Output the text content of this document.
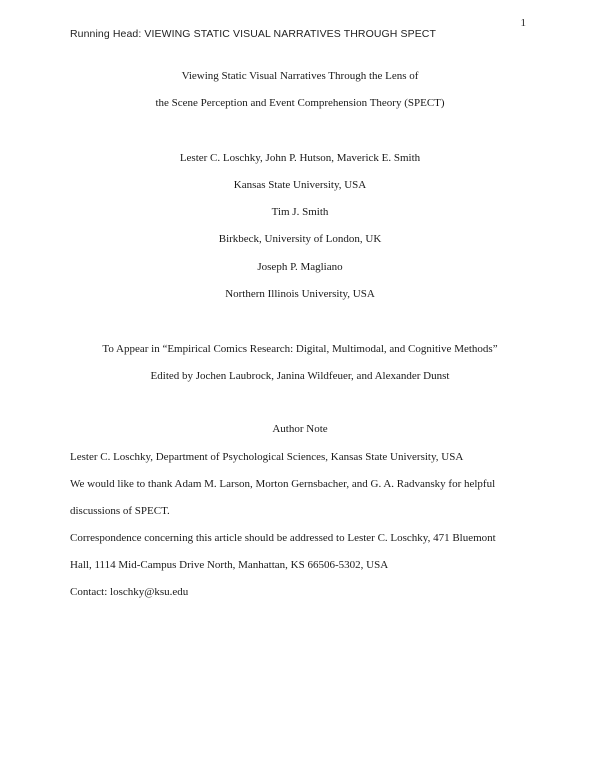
Running Head: VIEWING STATIC VISUAL NARRATIVES THROUGH SPECT
1
Viewing Static Visual Narratives Through the Lens of
the Scene Perception and Event Comprehension Theory (SPECT)
Lester C. Loschky, John P. Hutson, Maverick E. Smith
Kansas State University, USA
Tim J. Smith
Birkbeck, University of London, UK
Joseph P. Magliano
Northern Illinois University, USA
To Appear in “Empirical Comics Research: Digital, Multimodal, and Cognitive Methods”
Edited by Jochen Laubrock, Janina Wildfeuer, and Alexander Dunst
Author Note
Lester C. Loschky, Department of Psychological Sciences, Kansas State University, USA
We would like to thank Adam M. Larson, Morton Gernsbacher, and G. A. Radvansky for helpful
discussions of SPECT.
Correspondence concerning this article should be addressed to Lester C. Loschky, 471 Bluemont
Hall, 1114 Mid-Campus Drive North, Manhattan, KS 66506-5302, USA
Contact: loschky@ksu.edu
